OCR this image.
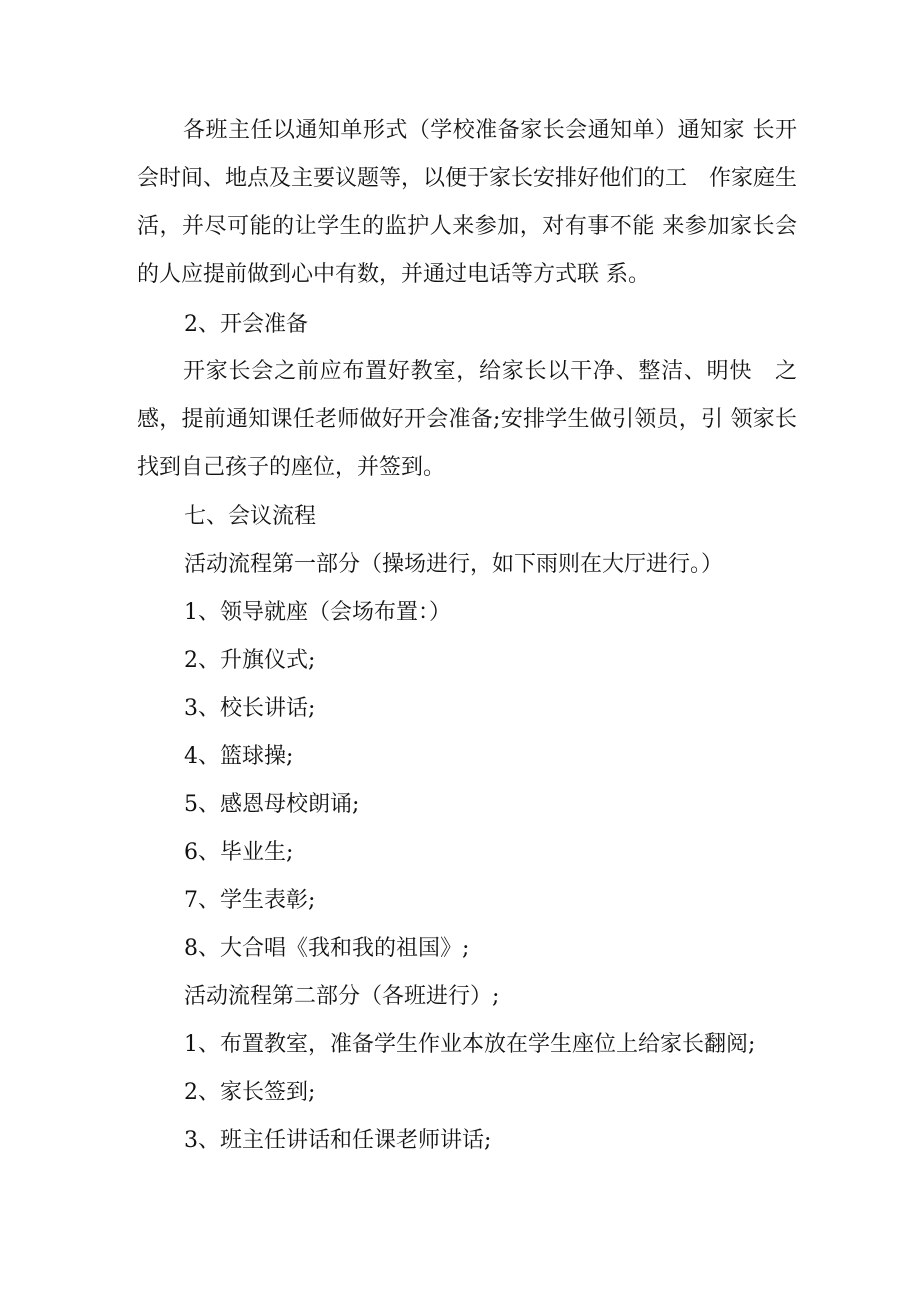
各班主任以通知单形式（学校准备家长会通知单）通知家 长开会时间、地点及主要议题等，以便于家长安排好他们的工　作家庭生活，并尽可能的让学生的监护人来参加，对有事不能 来参加家长会的人应提前做到心中有数，并通过电话等方式联 系。

2、开会准备

开家长会之前应布置好教室，给家长以干净、整洁、明快　之感，提前通知课任老师做好开会准备;安排学生做引领员，引 领家长找到自己孩子的座位，并签到。

七、会议流程

活动流程第一部分（操场进行，如下雨则在大厅进行。）

1、领导就座（会场布置：）

2、升旗仪式;

3、校长讲话;

4、篮球操;

5、感恩母校朗诵;

6、毕业生;

7、学生表彰;

8、大合唱《我和我的祖国》;

活动流程第二部分（各班进行）;

1、布置教室，准备学生作业本放在学生座位上给家长翻阅;

2、家长签到;

3、班主任讲话和任课老师讲话;
